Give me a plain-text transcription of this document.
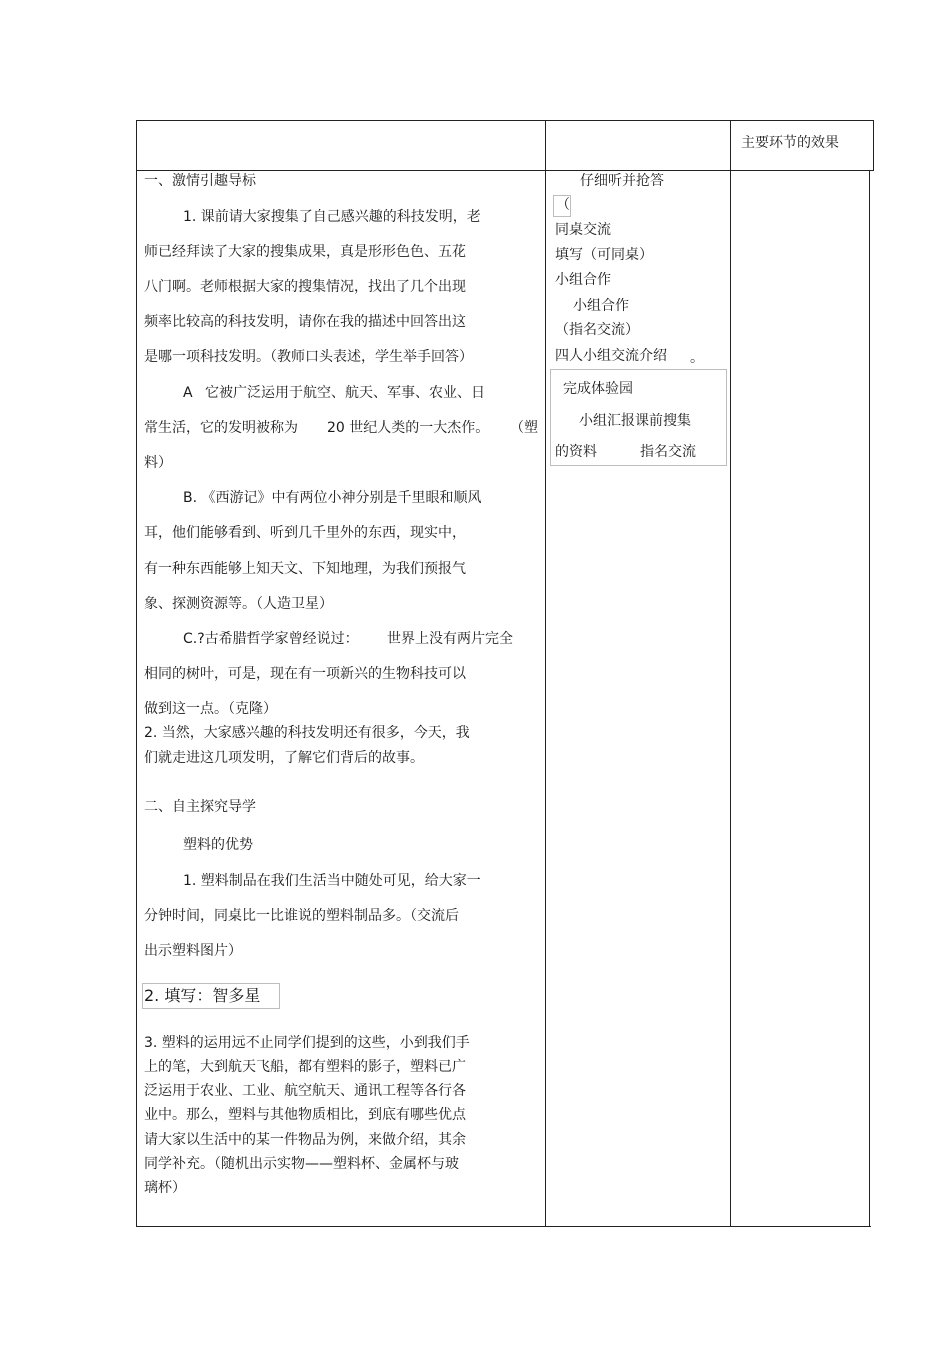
主要环节的效果
一、激情引趣导标
1. 课前请大家搜集了自己感兴趣的科技发明，老
师已经拜读了大家的搜集成果，真是形形色色、五花
八门啊。老师根据大家的搜集情况，找出了几个出现
频率比较高的科技发明，请你在我的描述中回答出这
是哪一项科技发明。（教师口头表述，学生举手回答）
A 它被广泛运用于航空、航天、军事、农业、日
常生活，它的发明被称为 20 世纪人类的一大杰作。 （塑
料）
B. 《西游记》中有两位小神分别是千里眼和顺风
耳，他们能够看到、听到几千里外的东西，现实中，
有一种东西能够上知天文、下知地理，为我们预报气
象、探测资源等。（人造卫星）
C.?古希腊哲学家曾经说过： 世界上没有两片完全
相同的树叶，可是，现在有一项新兴的生物科技可以
做到这一点。（克隆）
2. 当然，大家感兴趣的科技发明还有很多，今天，我
们就走进这几项发明，了解它们背后的故事。
二、自主探究导学
塑料的优势
1. 塑料制品在我们生活当中随处可见，给大家一
分钟时间，同桌比一比谁说的塑料制品多。（交流后
出示塑料图片）
2. 填写：智多星
3. 塑料的运用远不止同学们提到的这些，小到我们手
上的笔，大到航天飞船，都有塑料的影子，塑料已广
泛运用于农业、工业、航空航天、通讯工程等各行各
业中。那么，塑料与其他物质相比，到底有哪些优点
请大家以生活中的某一件物品为例，来做介绍，其余
同学补充。（随机出示实物——塑料杯、金属杯与玻
璃杯）
仔细听并抢答
（
同桌交流
填写（可同桌）
小组合作
小组合作
（指名交流）
四人小组交流介绍 。
完成体验园
小组汇报课前搜集
的资料	指名交流
